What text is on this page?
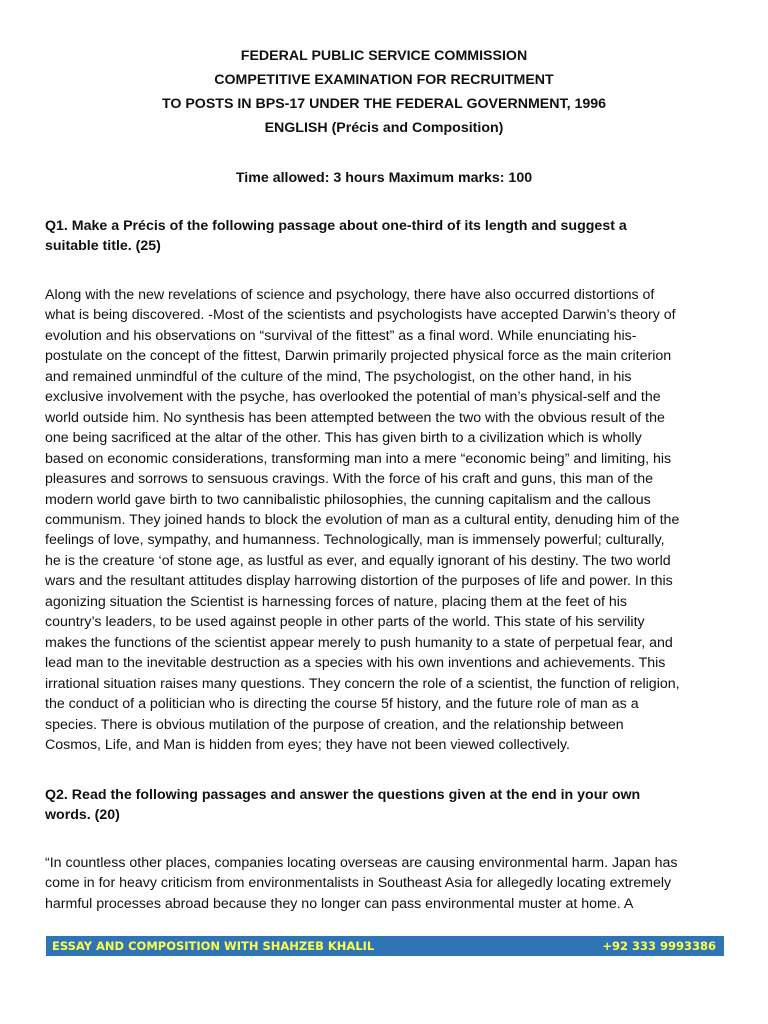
FEDERAL PUBLIC SERVICE COMMISSION
COMPETITIVE EXAMINATION FOR RECRUITMENT
TO POSTS IN BPS-17 UNDER THE FEDERAL GOVERNMENT, 1996
ENGLISH (Précis and Composition)
Time allowed: 3 hours Maximum marks: 100
Q1. Make a Précis of the following passage about one-third of its length and suggest a
suitable title. (25)
Along with the new revelations of science and psychology, there have also occurred distortions of
what is being discovered. -Most of the scientists and psychologists have accepted Darwin’s theory of
evolution and his observations on “survival of the fittest” as a final word. While enunciating his-
postulate on the concept of the fittest, Darwin primarily projected physical force as the main criterion
and remained unmindful of the culture of the mind, The psychologist, on the other hand, in his
exclusive involvement with the psyche, has overlooked the potential of man’s physical-self and the
world outside him. No synthesis has been attempted between the two with the obvious result of the
one being sacrificed at the altar of the other. This has given birth to a civilization which is wholly
based on economic considerations, transforming man into a mere “economic being” and limiting, his
pleasures and sorrows to sensuous cravings. With the force of his craft and guns, this man of the
modern world gave birth to two cannibalistic philosophies, the cunning capitalism and the callous
communism. They joined hands to block the evolution of man as a cultural entity, denuding him of the
feelings of love, sympathy, and humanness. Technologically, man is immensely powerful; culturally,
he is the creature ‘of stone age, as lustful as ever, and equally ignorant of his destiny. The two world
wars and the resultant attitudes display harrowing distortion of the purposes of life and power. In this
agonizing situation the Scientist is harnessing forces of nature, placing them at the feet of his
country’s leaders, to be used against people in other parts of the world. This state of his servility
makes the functions of the scientist appear merely to push humanity to a state of perpetual fear, and
lead man to the inevitable destruction as a species with his own inventions and achievements. This
irrational situation raises many questions. They concern the role of a scientist, the function of religion,
the conduct of a politician who is directing the course 5f history, and the future role of man as a
species. There is obvious mutilation of the purpose of creation, and the relationship between
Cosmos, Life, and Man is hidden from eyes; they have not been viewed collectively.
Q2. Read the following passages and answer the questions given at the end in your own
words. (20)
“In countless other places, companies locating overseas are causing environmental harm. Japan has
come in for heavy criticism from environmentalists in Southeast Asia for allegedly locating extremely
harmful processes abroad because they no longer can pass environmental muster at home. A
ESSAY AND COMPOSITION WITH SHAHZEB KHALIL	+92 333 9993386
